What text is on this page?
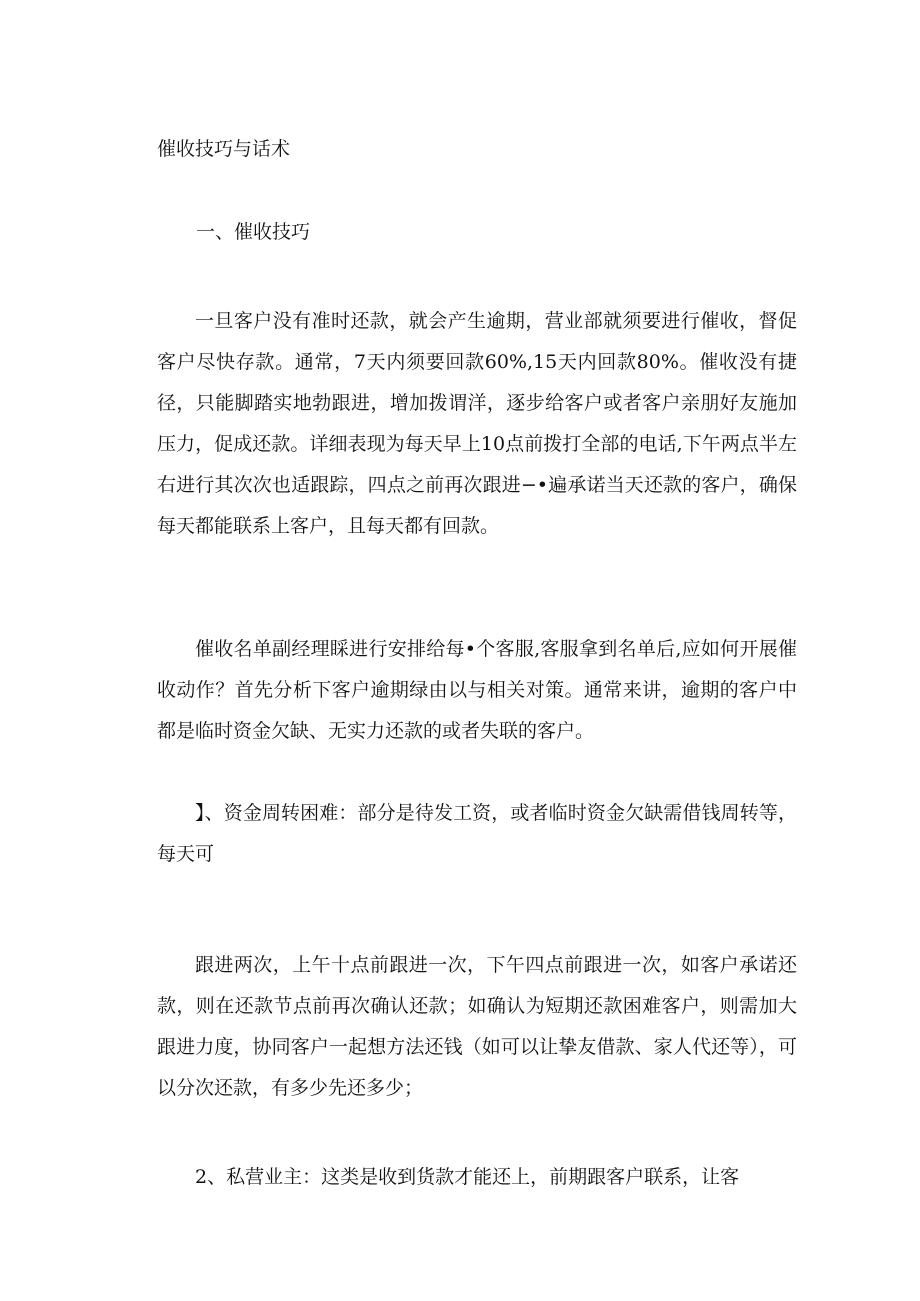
催收技巧与话术
一、催收技巧

一旦客户没有准时还款，就会产生逾期，营业部就须要进行催收，督促客户尽快存款。通常，7天内须要回款60%,15天内回款80%。催收没有捷径，只能脚踏实地勃跟进，增加拨谓洋，逐步给客户或者客户亲朋好友施加压力，促成还款。详细表现为每天早上10点前拨打全部的电话,下午两点半左右进行其次次也适跟踪，四点之前再次跟进−•遍承诺当天还款的客户，确保每天都能联系上客户，且每天都有回款。

催收名单副经理睬进行安排给每•个客服,客服拿到名单后,应如何开展催收动作？首先分析下客户逾期绿由以与相关对策。通常来讲，逾期的客户中都是临时资金欠缺、无实力还款的或者失联的客户。

】、资金周转困难：部分是待发工资，或者临时资金欠缺需借钱周转等，每天可

跟进两次，上午十点前跟进一次，下午四点前跟进一次，如客户承诺还款，则在还款节点前再次确认还款；如确认为短期还款困难客户，则需加大跟进力度，协同客户一起想方法还钱（如可以让挚友借款、家人代还等），可以分次还款，有多少先还多少；

2、私营业主：这类是收到货款才能还上，前期跟客户联系，让客
